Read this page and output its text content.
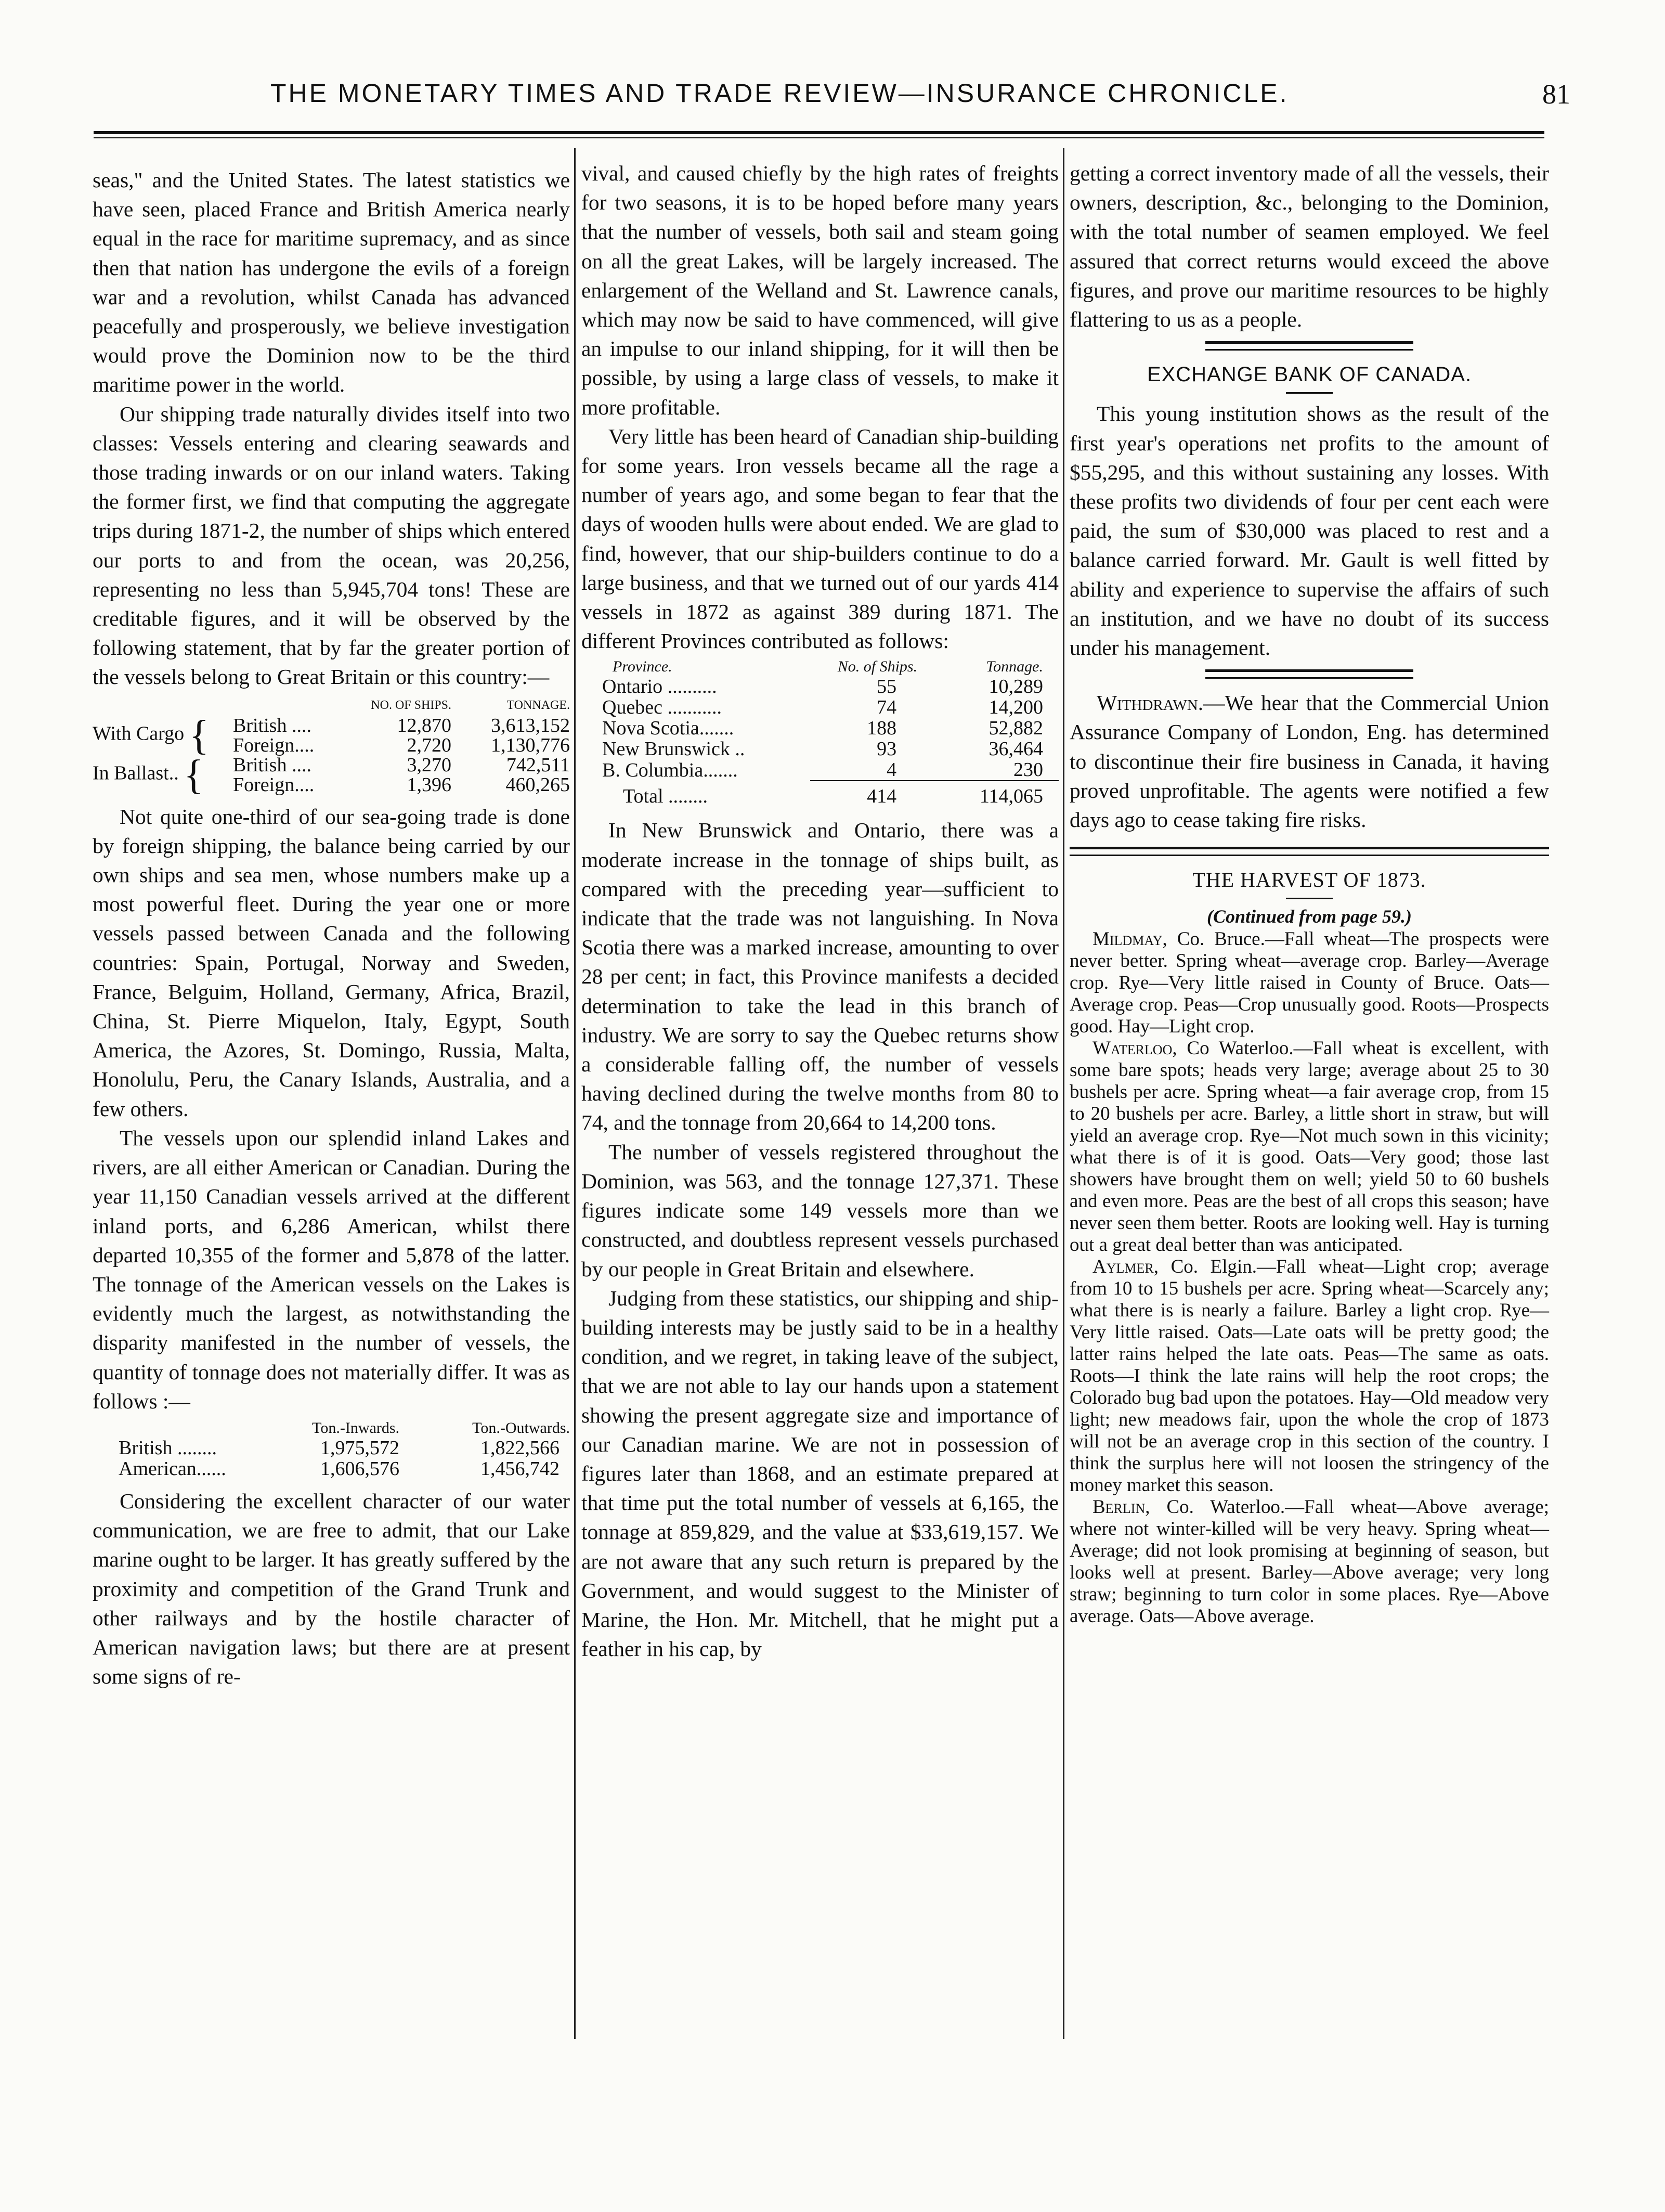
THE MONETARY TIMES AND TRADE REVIEW—INSURANCE CHRONICLE.	81

seas," and the United States. The latest statistics we have seen, placed France and British America nearly equal in the race for maritime supremacy, and as since then that nation has undergone the evils of a foreign war and a revolution, whilst Canada has advanced peacefully and prosperously, we believe investigation would prove the Dominion now to be the third maritime power in the world.

Our shipping trade naturally divides itself into two classes: Vessels entering and clearing seawards and those trading inwards or on our inland waters. Taking the former first, we find that computing the aggregate trips during 1871-2, the number of ships which entered our ports to and from the ocean, was 20,256, representing no less than 5,945,704 tons! These are creditable figures, and it will be observed by the following statement, that by far the greater portion of the vessels belong to Great Britain or this country:—

		NO. OF SHIPS.	TONNAGE.
With Cargo {	British ....	12,870	3,613,152
	Foreign....	2,720	1,130,776
In Ballast.. {	British ....	3,270	742,511
	Foreign....	1,396	460,265

Not quite one-third of our sea-going trade is done by foreign shipping, the balance being carried by our own ships and sea men, whose numbers make up a most powerful fleet. During the year one or more vessels passed between Canada and the following countries: Spain, Portugal, Norway and Sweden, France, Belguim, Holland, Germany, Africa, Brazil, China, St. Pierre Miquelon, Italy, Egypt, South America, the Azores, St. Domingo, Russia, Malta, Honolulu, Peru, the Canary Islands, Australia, and a few others.

The vessels upon our splendid inland Lakes and rivers, are all either American or Canadian. During the year 11,150 Canadian vessels arrived at the different inland ports, and 6,286 American, whilst there departed 10,355 of the former and 5,878 of the latter. The tonnage of the American vessels on the Lakes is evidently much the largest, as notwithstanding the disparity manifested in the number of vessels, the quantity of tonnage does not materially differ. It was as follows :—

	Ton.-Inwards.	Ton.-Outwards.
British ........	1,975,572	1,822,566
American......	1,606,576	1,456,742

Considering the excellent character of our water communication, we are free to admit, that our Lake marine ought to be larger. It has greatly suffered by the proximity and competition of the Grand Trunk and other railways and by the hostile character of American navigation laws; but there are at present some signs of re-

vival, and caused chiefly by the high rates of freights for two seasons, it is to be hoped before many years that the number of vessels, both sail and steam going on all the great Lakes, will be largely increased. The enlargement of the Welland and St. Lawrence canals, which may now be said to have commenced, will give an impulse to our inland shipping, for it will then be possible, by using a large class of vessels, to make it more profitable.

Very little has been heard of Canadian ship-building for some years. Iron vessels became all the rage a number of years ago, and some began to fear that the days of wooden hulls were about ended. We are glad to find, however, that our ship-builders continue to do a large business, and that we turned out of our yards 414 vessels in 1872 as against 389 during 1871. The different Provinces contributed as follows:

Province.	No. of Ships.	Tonnage.
Ontario ..........	55	10,289
Quebec ...........	74	14,200
Nova Scotia.......	188	52,882
New Brunswick ..	93	36,464
B. Columbia.......	4	230
Total ........	414	114,065

In New Brunswick and Ontario, there was a moderate increase in the tonnage of ships built, as compared with the preceding year—sufficient to indicate that the trade was not languishing. In Nova Scotia there was a marked increase, amounting to over 28 per cent; in fact, this Province manifests a decided determination to take the lead in this branch of industry. We are sorry to say the Quebec returns show a considerable falling off, the number of vessels having declined during the twelve months from 80 to 74, and the tonnage from 20,664 to 14,200 tons.

The number of vessels registered throughout the Dominion, was 563, and the tonnage 127,371. These figures indicate some 149 vessels more than we constructed, and doubtless represent vessels purchased by our people in Great Britain and elsewhere.

Judging from these statistics, our shipping and ship-building interests may be justly said to be in a healthy condition, and we regret, in taking leave of the subject, that we are not able to lay our hands upon a statement showing the present aggregate size and importance of our Canadian marine. We are not in possession of figures later than 1868, and an estimate prepared at that time put the total number of vessels at 6,165, the tonnage at 859,829, and the value at $33,619,157. We are not aware that any such return is prepared by the Government, and would suggest to the Minister of Marine, the Hon. Mr. Mitchell, that he might put a feather in his cap, by

getting a correct inventory made of all the vessels, their owners, description, &c., belonging to the Dominion, with the total number of seamen employed. We feel assured that correct returns would exceed the above figures, and prove our maritime resources to be highly flattering to us as a people.

EXCHANGE BANK OF CANADA.

This young institution shows as the result of the first year's operations net profits to the amount of $55,295, and this without sustaining any losses. With these profits two dividends of four per cent each were paid, the sum of $30,000 was placed to rest and a balance carried forward. Mr. Gault is well fitted by ability and experience to supervise the affairs of such an institution, and we have no doubt of its success under his management.

Withdrawn.—We hear that the Commercial Union Assurance Company of London, Eng. has determined to discontinue their fire business in Canada, it having proved unprofitable. The agents were notified a few days ago to cease taking fire risks.

THE HARVEST OF 1873.
(Continued from page 59.)

Mildmay, Co. Bruce.—Fall wheat—The prospects were never better. Spring wheat—average crop. Barley—Average crop. Rye—Very little raised in County of Bruce. Oats—Average crop. Peas—Crop unusually good. Roots—Prospects good. Hay—Light crop.

Waterloo, Co Waterloo.—Fall wheat is excellent, with some bare spots; heads very large; average about 25 to 30 bushels per acre. Spring wheat—a fair average crop, from 15 to 20 bushels per acre. Barley, a little short in straw, but will yield an average crop. Rye—Not much sown in this vicinity; what there is of it is good. Oats—Very good; those last showers have brought them on well; yield 50 to 60 bushels and even more. Peas are the best of all crops this season; have never seen them better. Roots are looking well. Hay is turning out a great deal better than was anticipated.

Aylmer, Co. Elgin.—Fall wheat—Light crop; average from 10 to 15 bushels per acre. Spring wheat—Scarcely any; what there is is nearly a failure. Barley a light crop. Rye—Very little raised. Oats—Late oats will be pretty good; the latter rains helped the late oats. Peas—The same as oats. Roots—I think the late rains will help the root crops; the Colorado bug bad upon the potatoes. Hay—Old meadow very light; new meadows fair, upon the whole the crop of 1873 will not be an average crop in this section of the country. I think the surplus here will not loosen the stringency of the money market this season.

Berlin, Co. Waterloo.—Fall wheat—Above average; where not winter-killed will be very heavy. Spring wheat—Average; did not look promising at beginning of season, but looks well at present. Barley—Above average; very long straw; beginning to turn color in some places. Rye—Above average. Oats—Above average.
